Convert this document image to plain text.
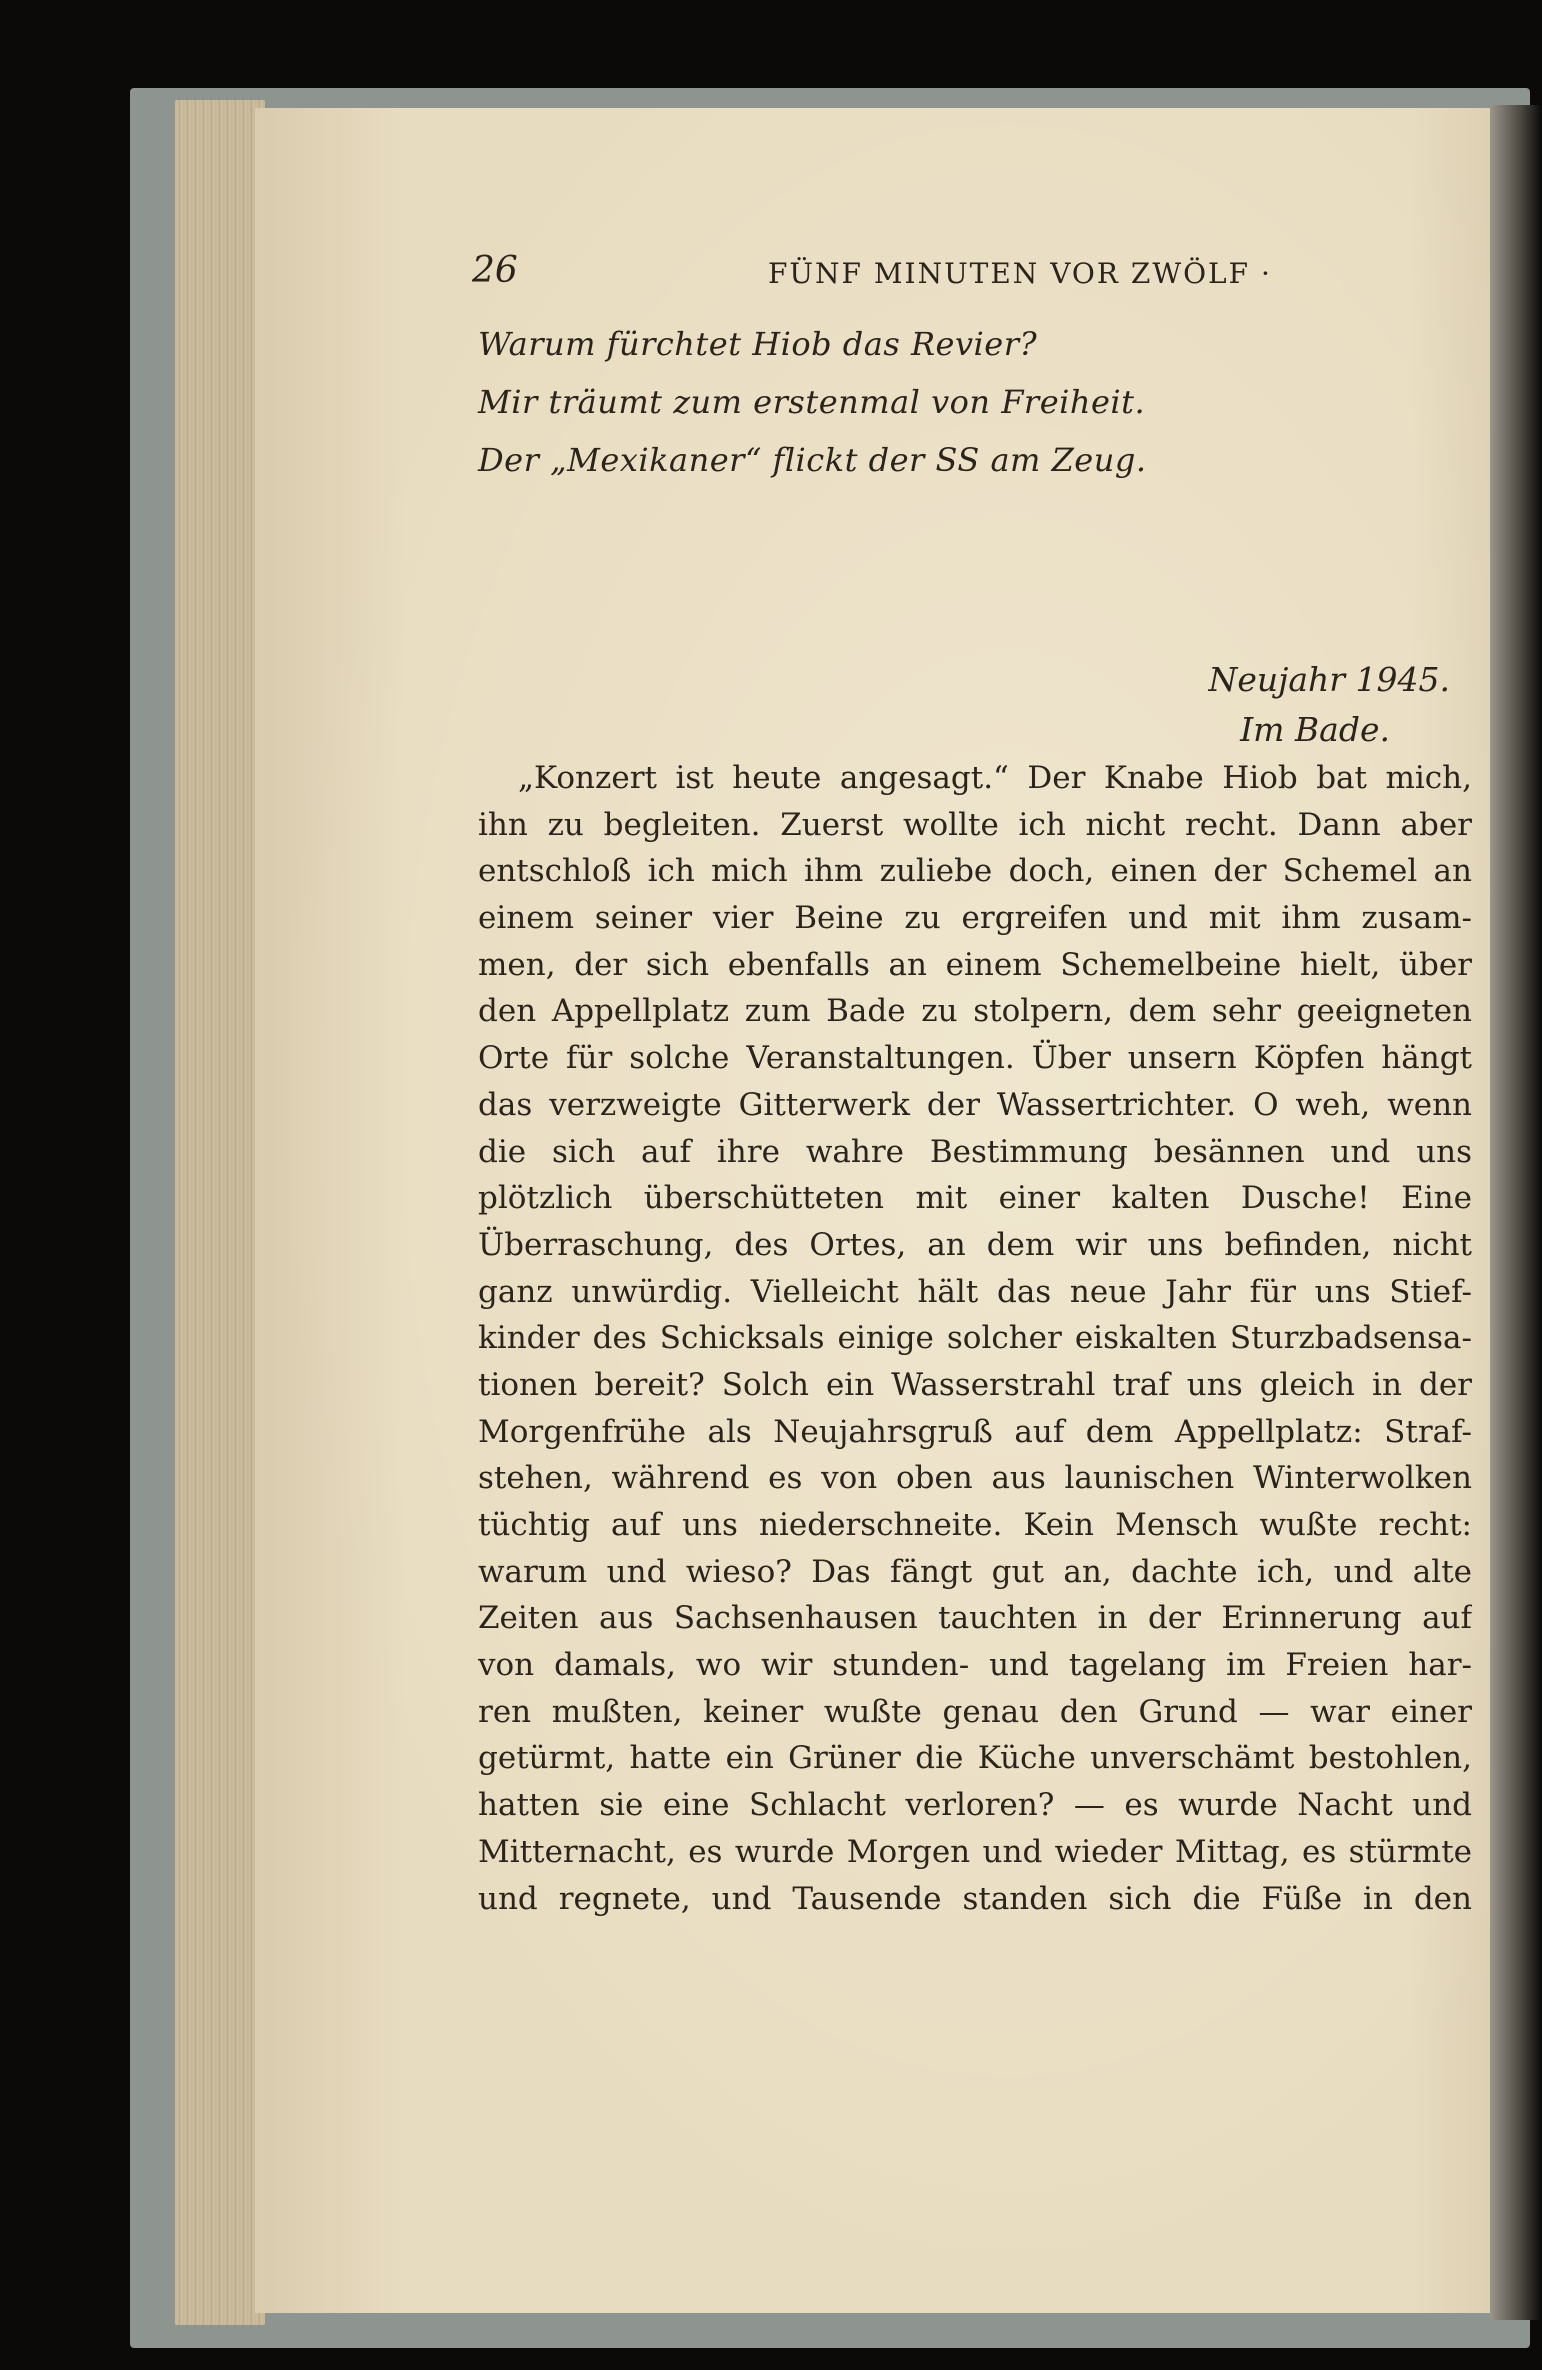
26	FÜNF MINUTEN VOR ZWÖLF ·
Warum fürchtet Hiob das Revier?
Mir träumt zum erstenmal von Freiheit.
Der „Mexikaner“ flickt der SS am Zeug.
Neujahr 1945.
Im Bade.
„Konzert ist heute angesagt.“ Der Knabe Hiob bat mich,
ihn zu begleiten. Zuerst wollte ich nicht recht. Dann aber
entschloß ich mich ihm zuliebe doch, einen der Schemel an
einem seiner vier Beine zu ergreifen und mit ihm zusam-
men, der sich ebenfalls an einem Schemelbeine hielt, über
den Appellplatz zum Bade zu stolpern, dem sehr geeigneten
Orte für solche Veranstaltungen. Über unsern Köpfen hängt
das verzweigte Gitterwerk der Wassertrichter. O weh, wenn
die sich auf ihre wahre Bestimmung besännen und uns
plötzlich überschütteten mit einer kalten Dusche! Eine
Überraschung, des Ortes, an dem wir uns befinden, nicht
ganz unwürdig. Vielleicht hält das neue Jahr für uns Stief-
kinder des Schicksals einige solcher eiskalten Sturzbadsensa-
tionen bereit? Solch ein Wasserstrahl traf uns gleich in der
Morgenfrühe als Neujahrsgruß auf dem Appellplatz: Straf-
stehen, während es von oben aus launischen Winterwolken
tüchtig auf uns niederschneite. Kein Mensch wußte recht:
warum und wieso? Das fängt gut an, dachte ich, und alte
Zeiten aus Sachsenhausen tauchten in der Erinnerung auf
von damals, wo wir stunden- und tagelang im Freien har-
ren mußten, keiner wußte genau den Grund — war einer
getürmt, hatte ein Grüner die Küche unverschämt bestohlen,
hatten sie eine Schlacht verloren? — es wurde Nacht und
Mitternacht, es wurde Morgen und wieder Mittag, es stürmte
und regnete, und Tausende standen sich die Füße in den
